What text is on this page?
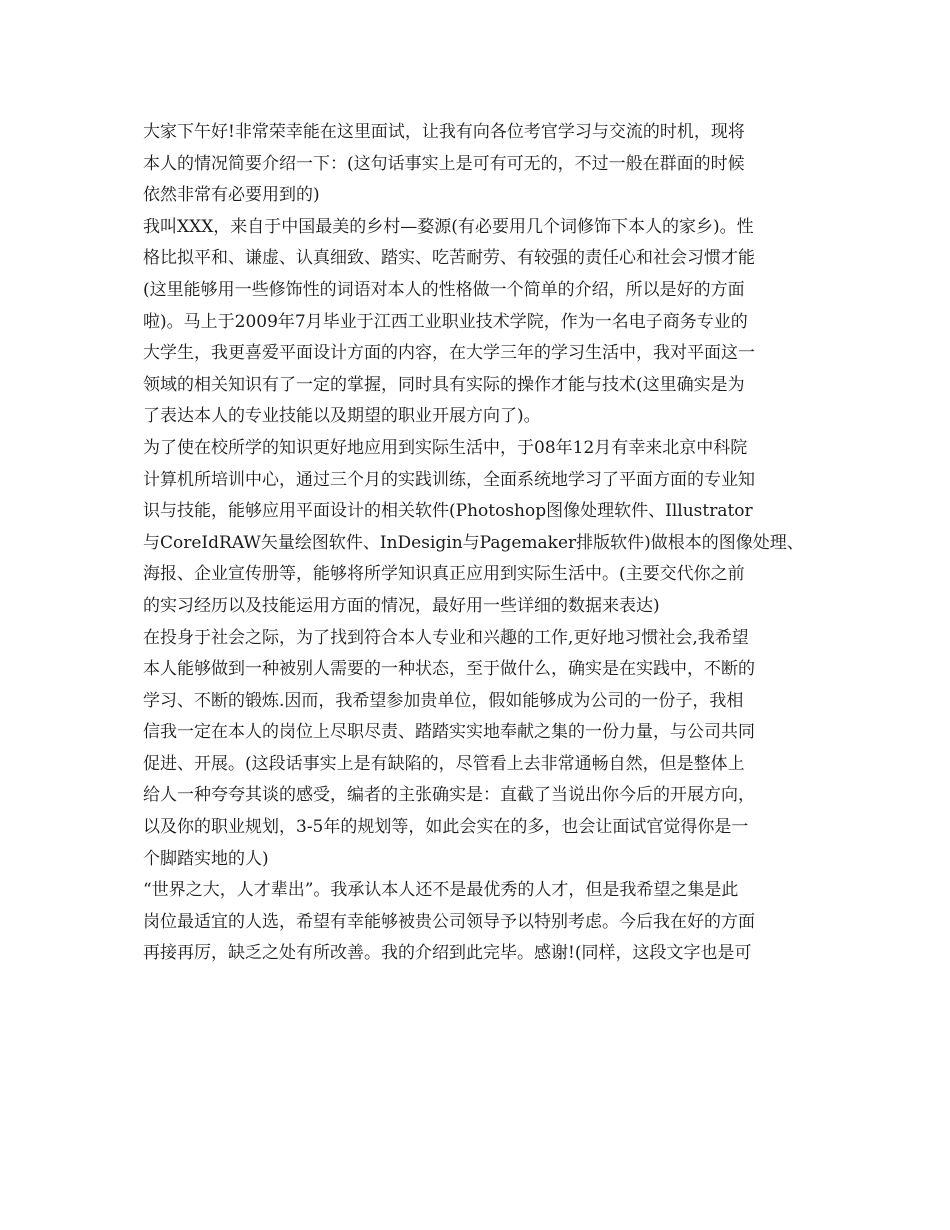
大家下午好!非常荣幸能在这里面试，让我有向各位考官学习与交流的时机，现将
本人的情况简要介绍一下：(这句话事实上是可有可无的，不过一般在群面的时候
依然非常有必要用到的)
我叫XXX，来自于中国最美的乡村—婺源(有必要用几个词修饰下本人的家乡)。性
格比拟平和、谦虚、认真细致、踏实、吃苦耐劳、有较强的责任心和社会习惯才能
(这里能够用一些修饰性的词语对本人的性格做一个简单的介绍，所以是好的方面
啦)。马上于2009年7月毕业于江西工业职业技术学院，作为一名电子商务专业的
大学生，我更喜爱平面设计方面的内容，在大学三年的学习生活中，我对平面这一
领域的相关知识有了一定的掌握，同时具有实际的操作才能与技术(这里确实是为
了表达本人的专业技能以及期望的职业开展方向了)。
为了使在校所学的知识更好地应用到实际生活中，于08年12月有幸来北京中科院
计算机所培训中心，通过三个月的实践训练，全面系统地学习了平面方面的专业知
识与技能，能够应用平面设计的相关软件(Photoshop图像处理软件、Illustrator
与CoreIdRAW矢量绘图软件、InDesigin与Pagemaker排版软件)做根本的图像处理、
海报、企业宣传册等，能够将所学知识真正应用到实际生活中。(主要交代你之前
的实习经历以及技能运用方面的情况，最好用一些详细的数据来表达)
在投身于社会之际，为了找到符合本人专业和兴趣的工作,更好地习惯社会,我希望
本人能够做到一种被别人需要的一种状态，至于做什么，确实是在实践中，不断的
学习、不断的锻炼.因而，我希望参加贵单位，假如能够成为公司的一份子，我相
信我一定在本人的岗位上尽职尽责、踏踏实实地奉献之集的一份力量，与公司共同
促进、开展。(这段话事实上是有缺陷的，尽管看上去非常通畅自然，但是整体上
给人一种夸夸其谈的感受，编者的主张确实是：直截了当说出你今后的开展方向，
以及你的职业规划，3-5年的规划等，如此会实在的多，也会让面试官觉得你是一
个脚踏实地的人)
“世界之大，人才辈出”。我承认本人还不是最优秀的人才，但是我希望之集是此
岗位最适宜的人选，希望有幸能够被贵公司领导予以特别考虑。今后我在好的方面
再接再厉，缺乏之处有所改善。我的介绍到此完毕。感谢!(同样，这段文字也是可
